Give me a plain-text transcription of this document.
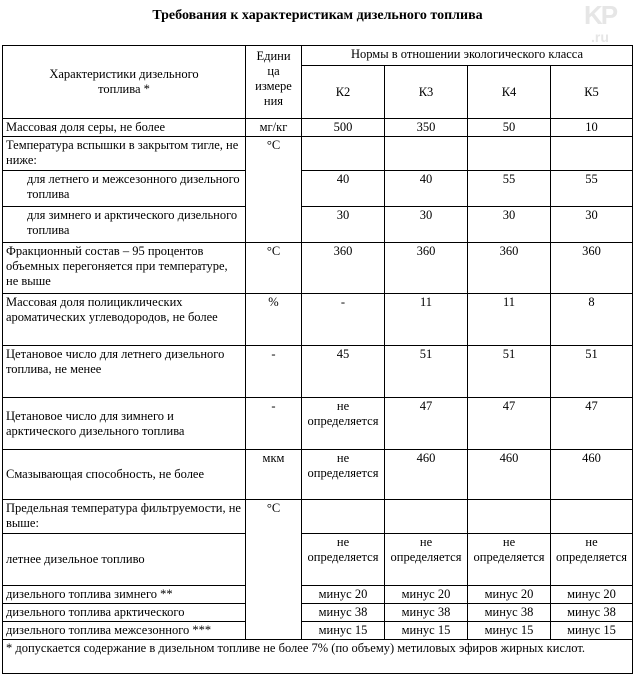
Требования к характеристикам дизельного топлива	KP
.ru
Характеристики дизельного топлива *	Едини ца измере ния	Нормы в отношении экологического класса			
		К2	К3	К4	К5
Массовая доля серы, не более	мг/кг	500	350	50	10
Температура вспышки в закрытом тигле, не ниже:	°С				
для летнего и межсезонного дизельного топлива		40	40	55	55
для зимнего и арктического дизельного топлива		30	30	30	30
Фракционный состав – 95 процентов объемных перегоняется при температуре, не выше	°С	360	360	360	360
Массовая доля полициклических ароматических углеводородов, не более	%	-	11	11	8
Цетановое число для летнего дизельного топлива, не менее	-	45	51	51	51
Цетановое число для зимнего и арктического дизельного топлива	-	не определяется	47	47	47
Смазывающая способность, не более	мкм	не определяется	460	460	460
Предельная температура фильтруемости, не выше:	°С				
летнее дизельное топливо		не определяется	не определяется	не определяется	не определяется
дизельного топлива зимнего **		минус 20	минус 20	минус 20	минус 20
дизельного топлива арктического		минус 38	минус 38	минус 38	минус 38
дизельного топлива межсезонного ***		минус 15	минус 15	минус 15	минус 15
* допускается содержание в дизельном топливе не более 7% (по объему) метиловых эфиров жирных кислот.					
